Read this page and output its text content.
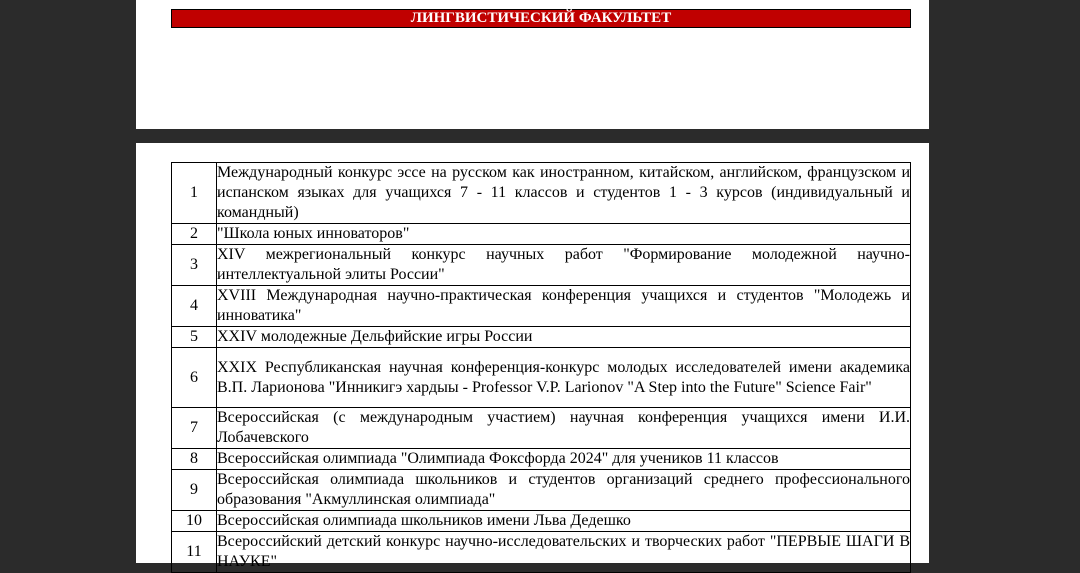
ЛИНГВИСТИЧЕСКИЙ ФАКУЛЬТЕТ
1	Международный конкурс эссе на русском как иностранном, китайском, английском, французском и испанском языках для учащихся 7 - 11 классов и студентов 1 - 3 курсов (индивидуальный и командный)
2	"Школа юных инноваторов"
3	XIV межрегиональный конкурс научных работ "Формирование молодежной научно-интеллектуальной элиты России"
4	XVIII Международная научно-практическая конференция учащихся и студентов "Молодежь и инноватика"
5	XXIV молодежные Дельфийские игры России
6	XXIX Республиканская научная конференция-конкурс молодых исследователей имени академика В.П. Ларионова "Инникигэ хардыы - Professor V.P. Larionov "A Step into the Future" Science Fair"
7	Всероссийская (с международным участием) научная конференция учащихся имени И.И. Лобачевского
8	Всероссийская олимпиада "Олимпиада Фоксфорда 2024" для учеников 11 классов
9	Всероссийская олимпиада школьников и студентов организаций среднего профессионального образования "Акмуллинская олимпиада"
10	Всероссийская олимпиада школьников имени Льва Дедешко
11	Всероссийский детский конкурс научно-исследовательских и творческих работ "ПЕРВЫЕ ШАГИ В НАУКЕ"
